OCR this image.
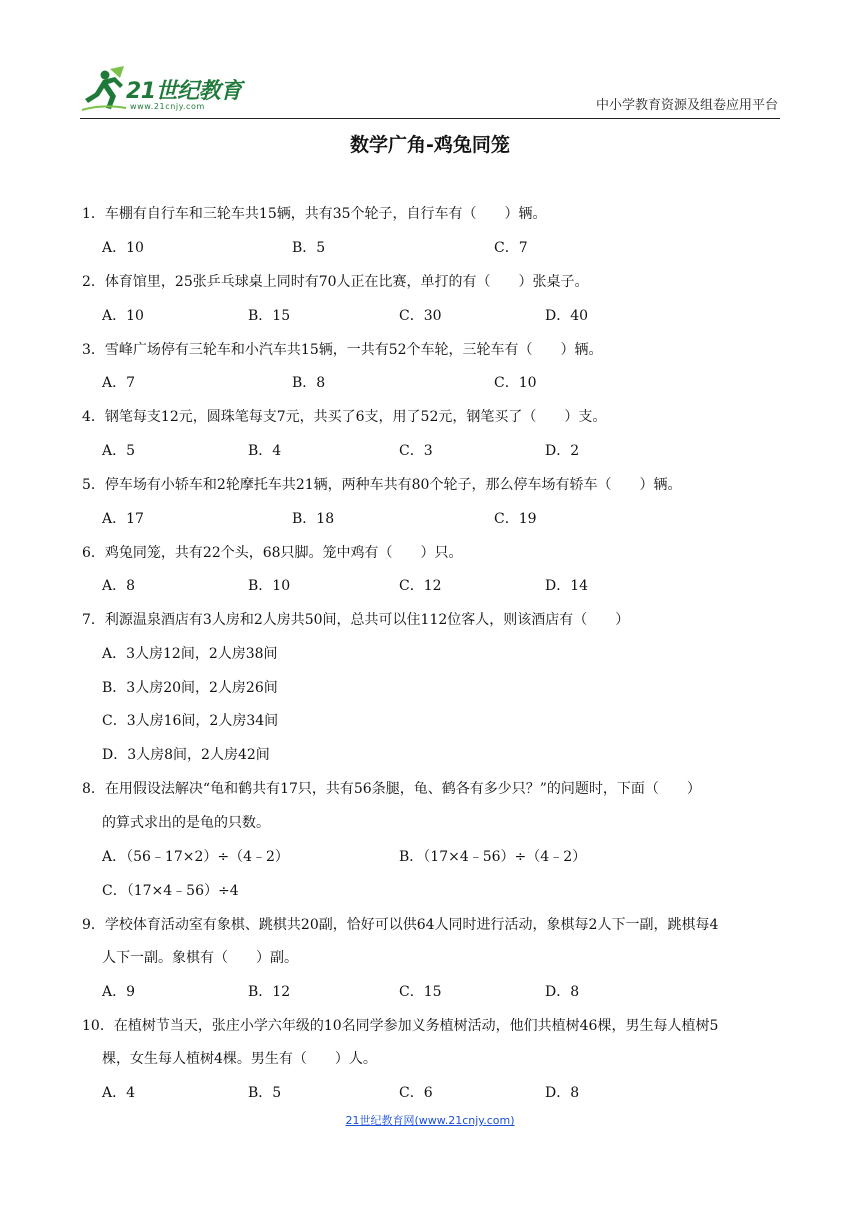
21世纪教育
www.21cnjy.com	中小学教育资源及组卷应用平台
数学广角-鸡兔同笼
1．车棚有自行车和三轮车共15辆，共有35个轮子，自行车有（　　）辆。
A．10	B．5	C．7
2．体育馆里，25张乒乓球桌上同时有70人正在比赛，单打的有（　　）张桌子。
A．10	B．15	C．30	D．40
3．雪峰广场停有三轮车和小汽车共15辆，一共有52个车轮，三轮车有（　　）辆。
A．7	B．8	C．10
4．钢笔每支12元，圆珠笔每支7元，共买了6支，用了52元，钢笔买了（　　）支。
A．5	B．4	C．3	D．2
5．停车场有小轿车和2轮摩托车共21辆，两种车共有80个轮子，那么停车场有轿车（　　）辆。
A．17	B．18	C．19
6．鸡兔同笼，共有22个头，68只脚。笼中鸡有（　　）只。
A．8	B．10	C．12	D．14
7．利源温泉酒店有3人房和2人房共50间，总共可以住112位客人，则该酒店有（　　）
A．3人房12间，2人房38间
B．3人房20间，2人房26间
C．3人房16间，2人房34间
D．3人房8间，2人房42间
8．在用假设法解决“龟和鹤共有17只，共有56条腿，龟、鹤各有多少只？”的问题时，下面（　　）
的算式求出的是龟的只数。
A．（56﹣17×2）÷（4﹣2）	B．（17×4﹣56）÷（4﹣2）
C．（17×4﹣56）÷4
9．学校体育活动室有象棋、跳棋共20副，恰好可以供64人同时进行活动，象棋每2人下一副，跳棋每4
人下一副。象棋有（　　）副。
A．9	B．12	C．15	D．8
10．在植树节当天，张庄小学六年级的10名同学参加义务植树活动，他们共植树46棵，男生每人植树5
棵，女生每人植树4棵。男生有（　　）人。
A．4	B．5	C．6	D．8
21世纪教育网(www.21cnjy.com)
